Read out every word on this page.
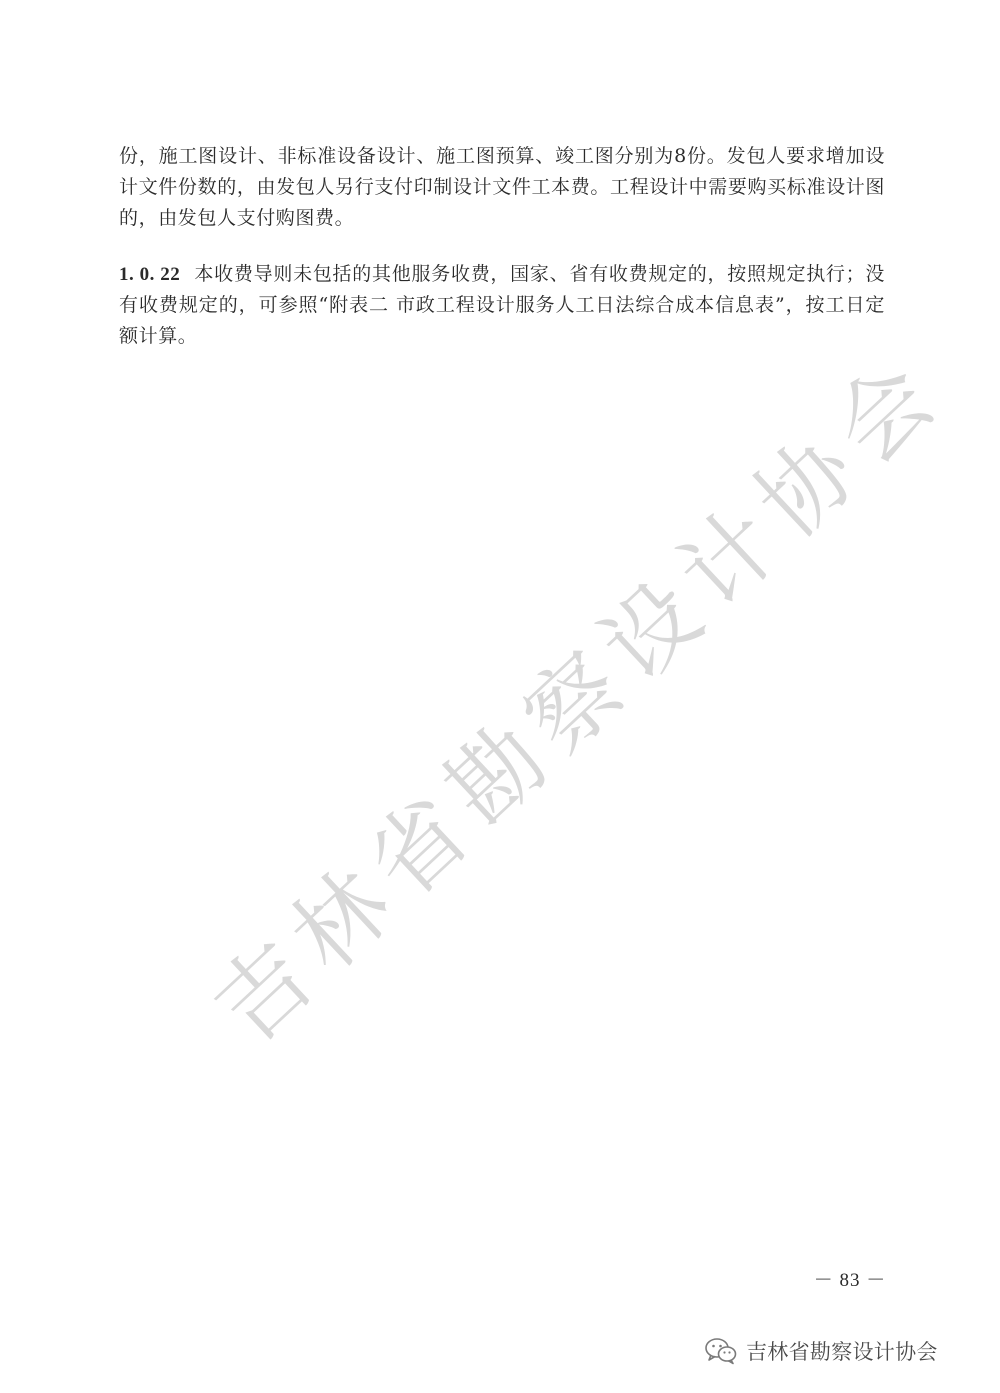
份，施工图设计、非标准设备设计、施工图预算、竣工图分别为8份。发包人要求增加设计文件份数的，由发包人另行支付印制设计文件工本费。工程设计中需要购买标准设计图的，由发包人支付购图费。

1. 0. 22 本收费导则未包括的其他服务收费，国家、省有收费规定的，按照规定执行；没有收费规定的，可参照“附表二 市政工程设计服务人工日法综合成本信息表”，按工日定额计算。

吉林省勘察设计协会
－ 83 －
吉林省勘察设计协会
